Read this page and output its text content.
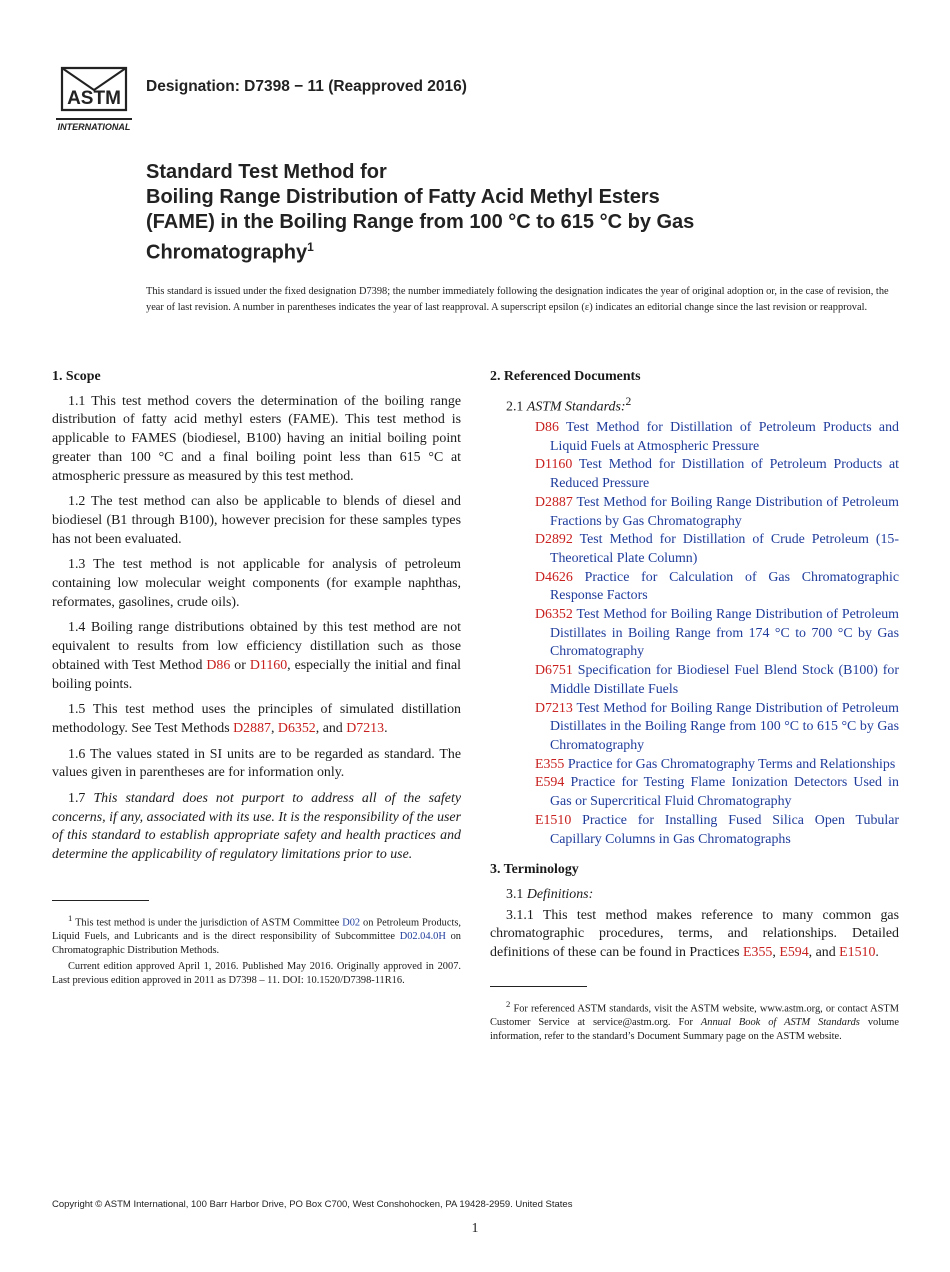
ASTM
INTERNATIONAL
Designation: D7398 − 11 (Reapproved 2016)
Standard Test Method for
Boiling Range Distribution of Fatty Acid Methyl Esters
(FAME) in the Boiling Range from 100 °C to 615 °C by Gas
Chromatography$^1$
This standard is issued under the fixed designation D7398; the number immediately following the designation indicates the year of original adoption or, in the case of revision, the year of last revision. A number in parentheses indicates the year of last reapproval. A superscript epsilon (ε) indicates an editorial change since the last revision or reapproval.
1. Scope

1.1 This test method covers the determination of the boiling range distribution of fatty acid methyl esters (FAME). This test method is applicable to FAMES (biodiesel, B100) having an initial boiling point greater than 100 °C and a final boiling point less than 615 °C at atmospheric pressure as measured by this test method.

1.2 The test method can also be applicable to blends of diesel and biodiesel (B1 through B100), however precision for these samples types has not been evaluated.

1.3 The test method is not applicable for analysis of petroleum containing low molecular weight components (for example naphthas, reformates, gasolines, crude oils).

1.4 Boiling range distributions obtained by this test method are not equivalent to results from low efficiency distillation such as those obtained with Test Method D86 or D1160, especially the initial and final boiling points.

1.5 This test method uses the principles of simulated distillation methodology. See Test Methods D2887, D6352, and D7213.

1.6 The values stated in SI units are to be regarded as standard. The values given in parentheses are for information only.

1.7 This standard does not purport to address all of the safety concerns, if any, associated with its use. It is the responsibility of the user of this standard to establish appropriate safety and health practices and determine the applicability of regulatory limitations prior to use.

$^1$ This test method is under the jurisdiction of ASTM Committee D02 on Petroleum Products, Liquid Fuels, and Lubricants and is the direct responsibility of Subcommittee D02.04.0H on Chromatographic Distribution Methods.

Current edition approved April 1, 2016. Published May 2016. Originally approved in 2007. Last previous edition approved in 2011 as D7398 – 11. DOI: 10.1520/D7398-11R16.

2. Referenced Documents
2.1 ASTM Standards:$^2$
D86 Test Method for Distillation of Petroleum Products and Liquid Fuels at Atmospheric Pressure
D1160 Test Method for Distillation of Petroleum Products at Reduced Pressure
D2887 Test Method for Boiling Range Distribution of Petroleum Fractions by Gas Chromatography
D2892 Test Method for Distillation of Crude Petroleum (15-Theoretical Plate Column)
D4626 Practice for Calculation of Gas Chromatographic Response Factors
D6352 Test Method for Boiling Range Distribution of Petroleum Distillates in Boiling Range from 174 °C to 700 °C by Gas Chromatography
D6751 Specification for Biodiesel Fuel Blend Stock (B100) for Middle Distillate Fuels
D7213 Test Method for Boiling Range Distribution of Petroleum Distillates in the Boiling Range from 100 °C to 615 °C by Gas Chromatography
E355 Practice for Gas Chromatography Terms and Relationships
E594 Practice for Testing Flame Ionization Detectors Used in Gas or Supercritical Fluid Chromatography
E1510 Practice for Installing Fused Silica Open Tubular Capillary Columns in Gas Chromatographs
3. Terminology
3.1 Definitions:

3.1.1 This test method makes reference to many common gas chromatographic procedures, terms, and relationships. Detailed definitions of these can be found in Practices E355, E594, and E1510.

$^2$ For referenced ASTM standards, visit the ASTM website, www.astm.org, or contact ASTM Customer Service at service@astm.org. For Annual Book of ASTM Standards volume information, refer to the standard’s Document Summary page on the ASTM website.

Copyright © ASTM International, 100 Barr Harbor Drive, PO Box C700, West Conshohocken, PA 19428-2959. United States
1
